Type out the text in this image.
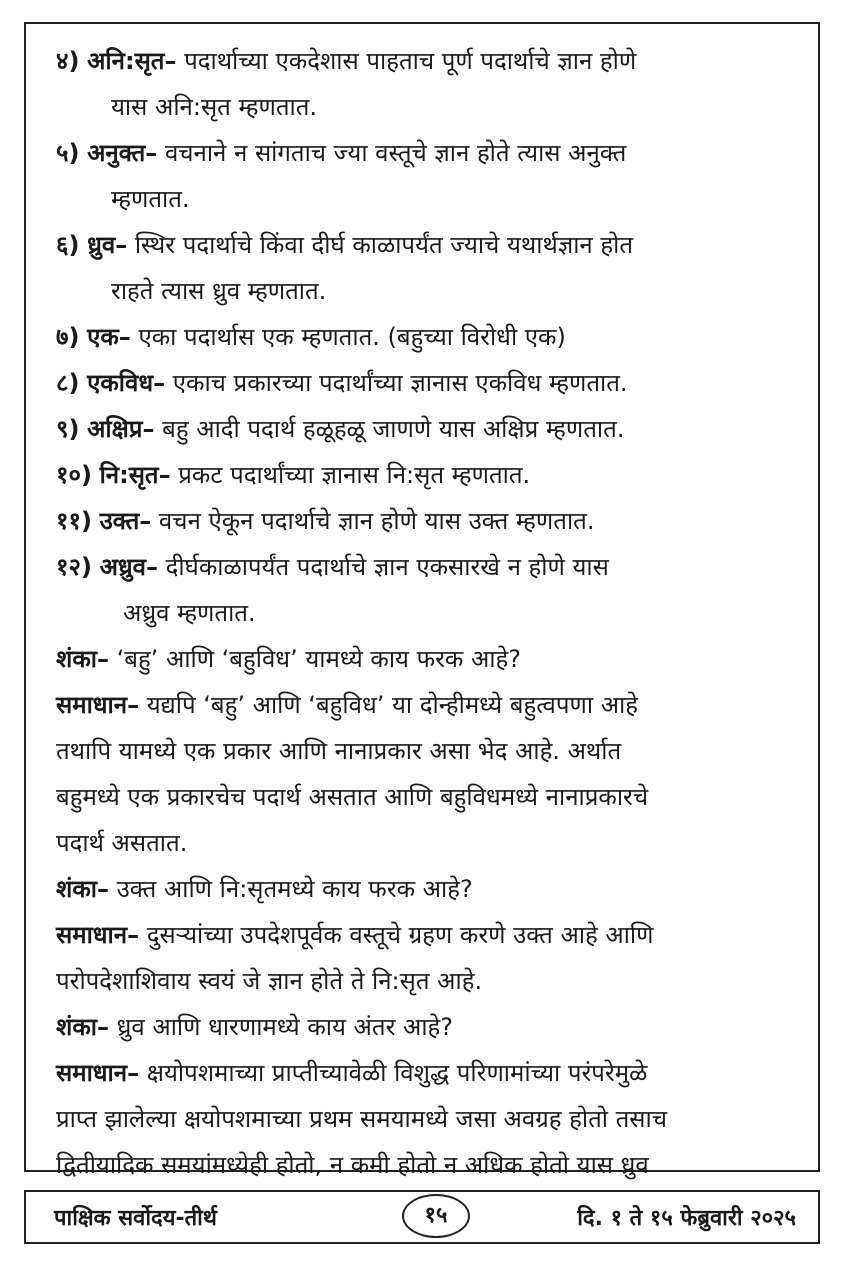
४) अनि:सृत– पदार्थाच्या एकदेशास पाहताच पूर्ण पदार्थाचे ज्ञान होणे
यास अनि:सृत म्हणतात.
५) अनुक्त– वचनाने न सांगताच ज्या वस्तूचे ज्ञान होते त्यास अनुक्त
म्हणतात.
६) ध्रुव– स्थिर पदार्थाचे किंवा दीर्घ काळापर्यंत ज्याचे यथार्थज्ञान होत
राहते त्यास ध्रुव म्हणतात.
७) एक– एका पदार्थास एक म्हणतात. (बहुच्या विरोधी एक)
८) एकविध– एकाच प्रकारच्या पदार्थांच्या ज्ञानास एकविध म्हणतात.
९) अक्षिप्र– बहु आदी पदार्थ हळूहळू जाणणे यास अक्षिप्र म्हणतात.
१०) नि:सृत– प्रकट पदार्थांच्या ज्ञानास नि:सृत म्हणतात.
११) उक्त– वचन ऐकून पदार्थाचे ज्ञान होणे यास उक्त म्हणतात.
१२) अध्रुव– दीर्घकाळापर्यंत पदार्थाचे ज्ञान एकसारखे न होणे यास
अध्रुव म्हणतात.
शंका– ‘बहु’ आणि ‘बहुविध’ यामध्ये काय फरक आहे?
समाधान– यद्यपि ‘बहु’ आणि ‘बहुविध’ या दोन्हीमध्ये बहुत्वपणा आहे
तथापि यामध्ये एक प्रकार आणि नानाप्रकार असा भेद आहे. अर्थात
बहुमध्ये एक प्रकारचेच पदार्थ असतात आणि बहुविधमध्ये नानाप्रकारचे
पदार्थ असतात.
शंका– उक्त आणि नि:सृतमध्ये काय फरक आहे?
समाधान– दुसऱ्यांच्या उपदेशपूर्वक वस्तूचे ग्रहण करणे उक्त आहे आणि
परोपदेशाशिवाय स्वयं जे ज्ञान होते ते नि:सृत आहे.
शंका– ध्रुव आणि धारणामध्ये काय अंतर आहे?
समाधान– क्षयोपशमाच्या प्राप्तीच्यावेळी विशुद्ध परिणामांच्या परंपरेमुळे
प्राप्त झालेल्या क्षयोपशमाच्या प्रथम समयामध्ये जसा अवग्रह होतो तसाच
द्वितीयादिक समयांमध्येही होतो, न कमी होतो न अधिक होतो यास ध्रुव
पाक्षिक सर्वोदय-तीर्थ	१५	दि. १ ते १५ फेब्रुवारी २०२५
